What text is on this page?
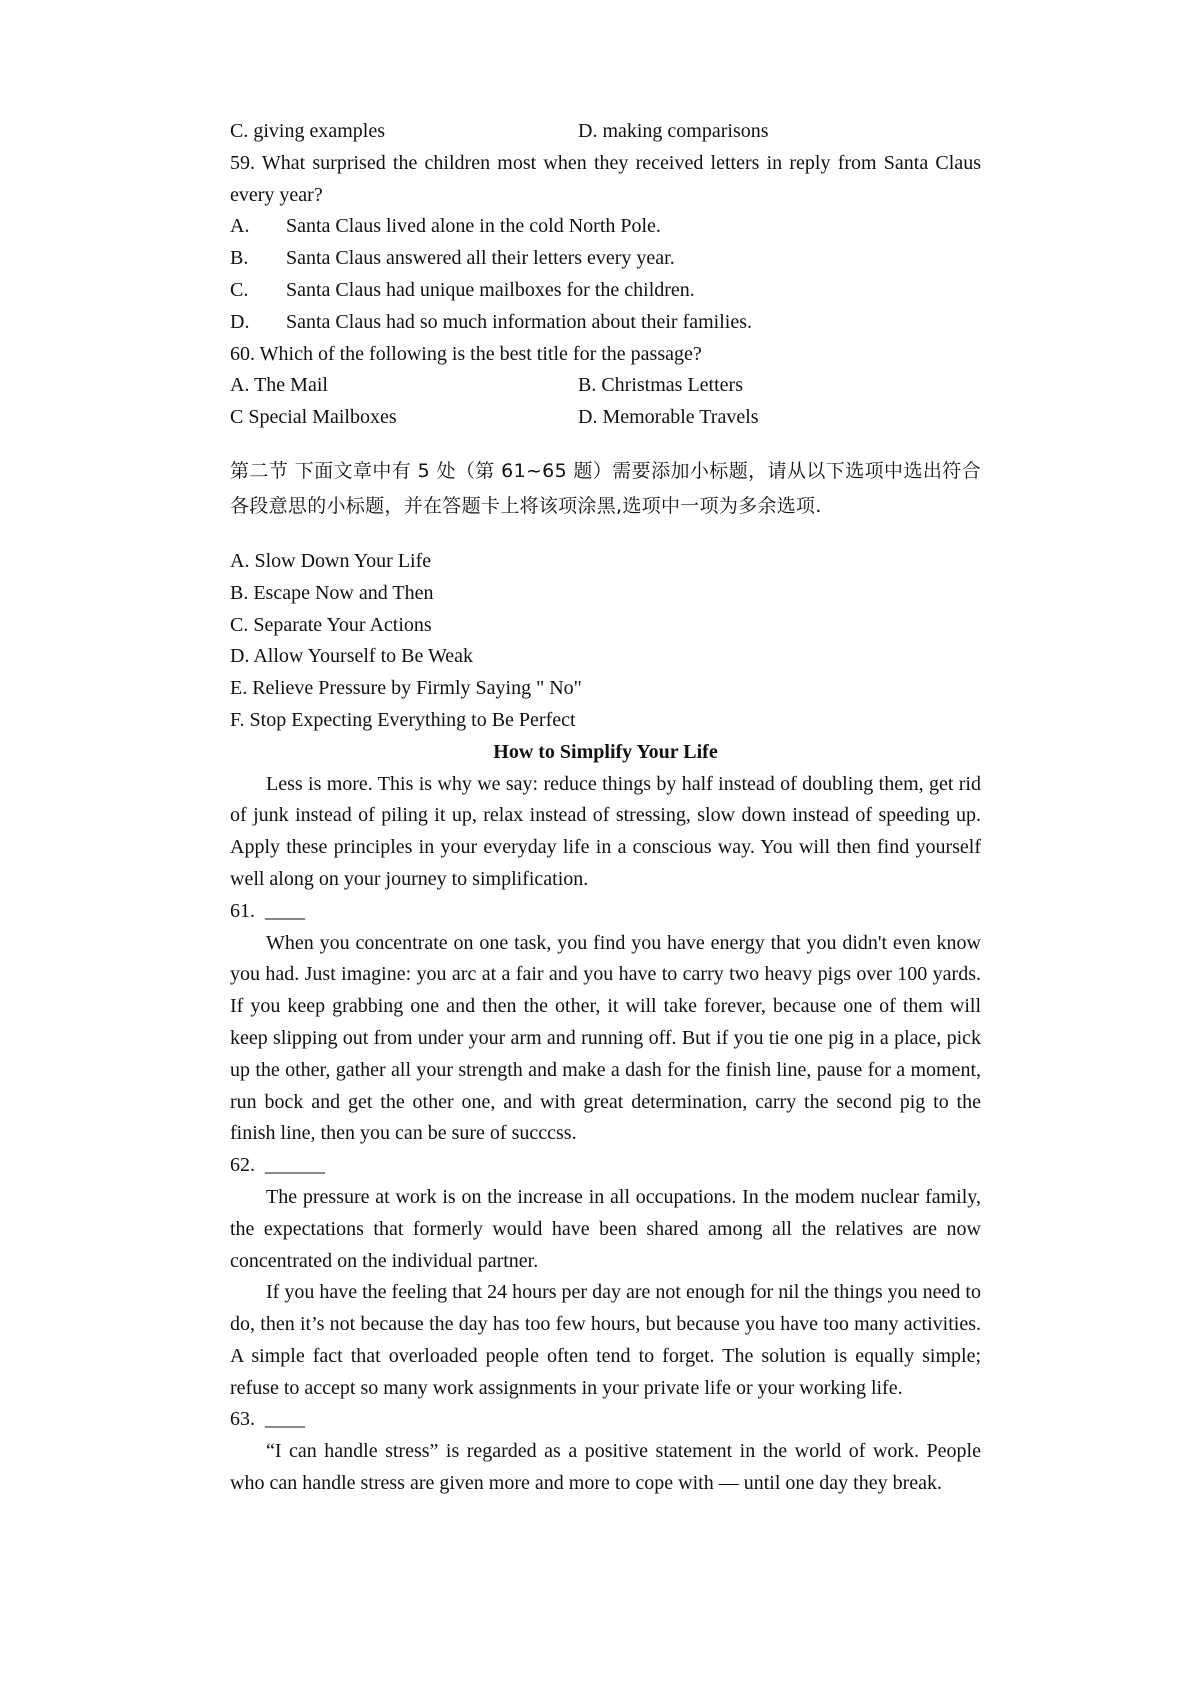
C. giving examples	D. making comparisons

59. What surprised the children most when they received letters in reply from Santa Claus every year?

A.	Santa Claus lived alone in the cold North Pole.
B.	Santa Claus answered all their letters every year.
C.	Santa Claus had unique mailboxes for the children.
D.	Santa Claus had so much information about their families.

60. Which of the following is the best title for the passage?

A. The Mail	B. Christmas Letters
C Special Mailboxes	D. Memorable Travels

第二节 下面文章中有 5 处（第 61~65 题）需要添加小标题，请从以下选项中选出符合各段意思的小标题，并在答题卡上将该项涂黑,选项中一项为多余选项.

A. Slow Down Your Life

B. Escape Now and Then

C. Separate Your Actions

D. Allow Yourself to Be Weak

E. Relieve Pressure by Firmly Saying " No"

F. Stop Expecting Everything to Be Perfect

How to Simplify Your Life

Less is more. This is why we say: reduce things by half instead of doubling them, get rid of junk instead of piling it up, relax instead of stressing, slow down instead of speeding up. Apply these principles in your everyday life in a conscious way. You will then find yourself well along on your journey to simplification.

61. ____

When you concentrate on one task, you find you have energy that you didn't even know you had. Just imagine: you arc at a fair and you have to carry two heavy pigs over 100 yards. If you keep grabbing one and then the other, it will take forever, because one of them will keep slipping out from under your arm and running off. But if you tie one pig in a place, pick up the other, gather all your strength and make a dash for the finish line, pause for a moment, run bock and get the other one, and with great determination, carry the second pig to the finish line, then you can be sure of succcss.

62. ______

The pressure at work is on the increase in all occupations. In the modem nuclear family, the expectations that formerly would have been shared among all the relatives are now concentrated on the individual partner.

If you have the feeling that 24 hours per day are not enough for nil the things you need to do, then it’s not because the day has too few hours, but because you have too many activities. A simple fact that overloaded people often tend to forget. The solution is equally simple; refuse to accept so many work assignments in your private life or your working life.

63. ____

“I can handle stress” is regarded as a positive statement in the world of work. People who can handle stress are given more and more to cope with — until one day they break.
